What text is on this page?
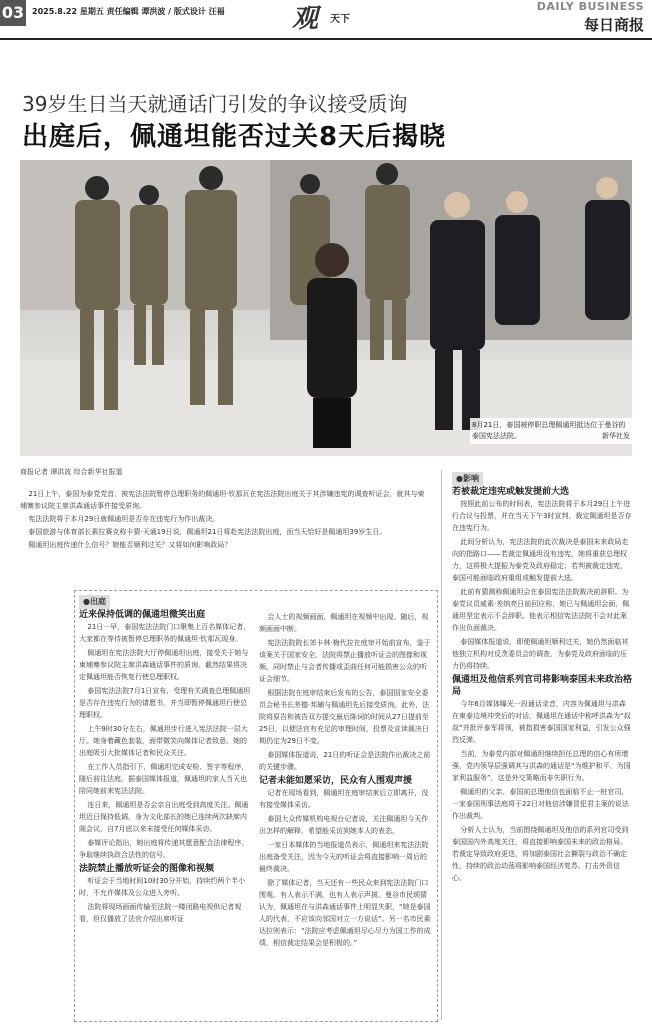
03 2025.8.22 星期五 责任编辑 谭洪波 / 版式设计 汪福	观 天下
DAILY BUSINESS
每日商报
39岁生日当天就通话门引发的争议接受质询
出庭后，佩通坦能否过关8天后揭晓
8月21日，泰国被停职总理佩通坦抵达位于曼谷的泰国宪法法院。	新华社发
商报记者 谭洪波 综合新华社报道

21日上午，泰国为泰党党首、被宪法法院暂停总理职务的佩通坦·钦那瓦在宪法法院出庭关于其涉嫌违宪的调查听证会，就其与柬埔寨参议院主席洪森通话事件接受质询。

宪法法院将于本月29日就佩通坦是否存在违宪行为作出裁决。

泰国旅游与体育部长素拉赛克称卡猜·天通19日说，佩通坦21日将赴宪法法院出庭，而当天恰好是佩通坦39岁生日。

佩通坦出庭传递什么信号？她能否顺利过关？又将如何影响政局？

●出庭
近来保持低调的佩通坦微笑出庭

21日一早，泰国宪法法院门口聚集上百名媒体记者，大家都在等待被暂停总理职务的佩通坦·钦那瓦现身。

佩通坦在宪法法院大厅停佩通坦出庭，接受关于她与柬埔寨参议院主席洪森通话事件的质询。截然结果将决定佩通坦能否恢复行使总理职权。

泰国宪法法院7月1日宣布，受理有关调查总理佩通坦是否存在违宪行为的请愿书，并当即暂停佩通坦行使总理职权。

上午9时30分左右，佩通坦步行进入宪法法院一层大厅。她身着藏色套装，面带微笑向媒体记者致意。她的出庭吸引大批媒体记者和民众关注。

在工作人员指引下，佩通坦完成安检、签字等程序，随后前往法庭。据泰国媒体报道，佩通坦的家人当天也陪同她前来宪法法院。

连日来，佩通坦是否会亲自出庭受到高度关注。佩通坦近日保持低调，身为文化部长的她已连续两次缺席内阁会议，自7月底以来未接受任何媒体采访。

泰媒评论指出，她出庭将传递其愿意配合法律程序、争取继续执政合法性的信号。

法院禁止播放听证会的图像和视频

听证会于当地时间10时30分开始，持续约两个半小时，不允许媒体及公众进入旁听。

法院将现场画面传输至法院一楼闭路电视供记者观看，但仅播放了法官介绍出席听证

会人士的视频画面，佩通坦在视频中出现。随后，视频画面中断。

宪法法院院长郊卡林·梅代拉在庭审开始前宣布，鉴于该案关于国家安全，法院将禁止播放听证会的图像和视频，同时禁止与会者传播或歪曲任何可能损害公众的听证会细节。

根据法院在庭审结束后发布的公告，泰国国家安全委员会秘书长差德·邦辅与佩通坦先后接受质询。此外，法院将原告和被告双方提交最后陈词的时间从27日提前至25日，以便法官有充足的审理时间，投票及宣读裁决日期仍定为29日不变。

泰国媒体报道说，21日的听证会是法院作出裁决之前的关键步骤。

记者未能如愿采访，民众有人围观声援

记者在现场看到，佩通坦在庭审结束后立即离开，没有接受媒体采访。

泰国大众传媒机构电视台记者说，关注佩通坦今天作出怎样的解释，希望能采访到她本人的表态。

一家日本媒体的当地报道员表示，佩通坦来宪法法院出庭备受关注，因为今天的听证会将直接影响一周后的最终裁决。

除了媒体记者，当天还有一些民众来到宪法法院门口围观。有人表示不满，也有人表示声援。曼谷市民颂猜认为，佩通坦在与洪森通话事件上明显失职，“她是泰国人的代表，不应该向邻国对立一方说话”。另一名市民素达拉则表示：“法院应考虑佩通坦尽心尽力为国工作的成绩，相信裁定结果会是积极的。”

●影响
若被裁定违宪或触发提前大选

按照此前公布的时间表，宪法法院将于本月29日上午进行合议与投票，并在当天下午3时宣判，裁定佩通坦是否存在违宪行为。

此间分析认为，宪法法院的此次裁决是泰国未来政局走向的指路口——若裁定佩通坦没有违宪，她将重获总理权力，这将极大提振为泰党及政府稳定；若判被裁定违宪，泰国可能面临政府重组或触发提前大选。

此前有猜测称佩通坦会在泰国宪法法院裁决前辞职。为泰党议员威素·差纳亮日前回应称，她已与佩通坦会面，佩通坦坚定表示不会辞职。他表示相信宪法法院不会对此案作出负面裁决。

泰国媒体报道说，即便佩通坦顺利过关，她仍然面临其他独立机构对反贪委员会的调查，为泰党及政府面临的压力仍将持续。

佩通坦及他信系列官司将影响泰国未来政治格局

今年6月媒体曝光一段通话录音，内容为佩通坦与洪森在柬泰边境冲突后的对话，佩通坦在通话中称呼洪森为“叔叔”并批评泰军将领，被指损害泰国国家利益，引发公众强烈反弹。

当前，为泰党内部对佩通坦继续担任总理的信心有所增强，党内领导层强调其与洪森的通话是“为维护和平、为国家利益服务”，这是外交策略而非失职行为。

佩通坦的父亲、泰国前总理他信也面临不止一桩官司，一家泰国刑事法庭将于22日对他信涉嫌冒犯君主案的说法作出裁判。

分析人士认为，当前围绕佩通坦及他信的系列官司受到泰国国内外高度关注，将直接影响泰国未来的政治格局。若裁定导致政府更迭，将加剧泰国社会撕裂与政治不确定性，持续的政治动荡将影响泰国经济复苏、打击外资信心。
